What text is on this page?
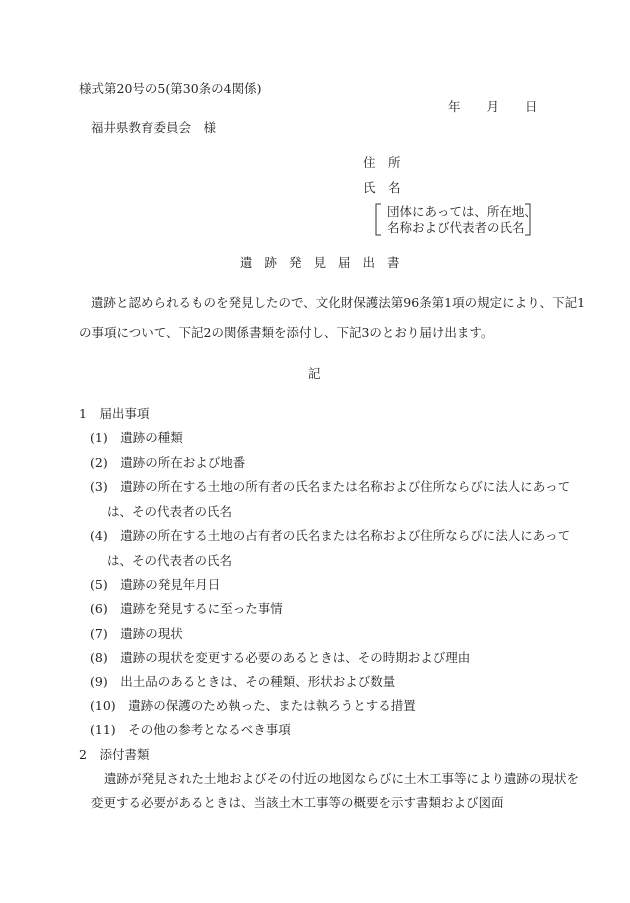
様式第20号の5(第30条の4関係)
年 月 日
福井県教育委員会　様
住　所
氏　名
団体にあっては、所在地、
名称および代表者の氏名
遺跡発見届出書
遺跡と認められるものを発見したので、文化財保護法第96条第1項の規定により、下記1
の事項について、下記2の関係書類を添付し、下記3のとおり届け出ます。
記
1　届出事項
(1)　 遺跡の種類
(2)　 遺跡の所在および地番
(3)　 遺跡の所在する土地の所有者の氏名または名称および住所ならびに法人にあって
は、その代表者の氏名
(4)　 遺跡の所在する土地の占有者の氏名または名称および住所ならびに法人にあって
は、その代表者の氏名
(5)　 遺跡の発見年月日
(6)　 遺跡を発見するに至った事情
(7)　 遺跡の現状
(8)　 遺跡の現状を変更する必要のあるときは、その時期および理由
(9)　 出土品のあるときは、その種類、形状および数量
(10)　 遺跡の保護のため執った、または執ろうとする措置
(11)　 その他の参考となるべき事項
2　添付書類
遺跡が発見された土地およびその付近の地図ならびに土木工事等により遺跡の現状を
変更する必要があるときは、当該土木工事等の概要を示す書類および図面
